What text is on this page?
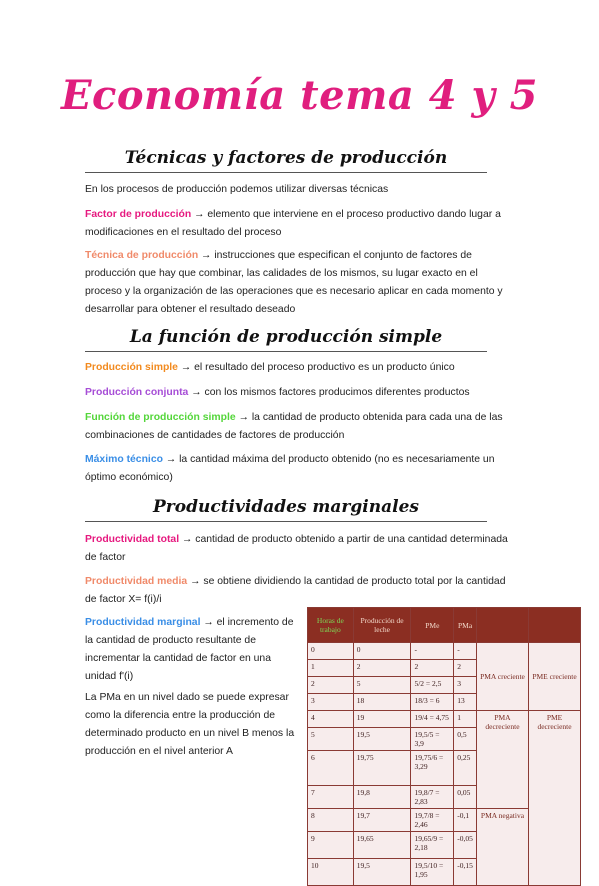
Economía tema 4 y 5
Técnicas y factores de producción
En los procesos de producción podemos utilizar diversas técnicas
Factor de producción → elemento que interviene en el proceso productivo dando lugar a modificaciones en el resultado del proceso
Técnica de producción → instrucciones que especifican el conjunto de factores de producción que hay que combinar, las calidades de los mismos, su lugar exacto en el proceso y la organización de las operaciones que es necesario aplicar en cada momento y desarrollar para obtener el resultado deseado
La función de producción simple
Producción simple → el resultado del proceso productivo es un producto único
Producción conjunta → con los mismos factores producimos diferentes productos
Función de producción simple → la cantidad de producto obtenida para cada una de las combinaciones de cantidades de factores de producción
Máximo técnico → la cantidad máxima del producto obtenido (no es necesariamente un óptimo económico)
Productividades marginales
Productividad total → cantidad de producto obtenido a partir de una cantidad determinada de factor
Productividad media → se obtiene dividiendo la cantidad de producto total por la cantidad de factor X= f(i)/i
Productividad marginal → el incremento de la cantidad de producto resultante de incrementar la cantidad de factor en una unidad f'(i)
La PMa en un nivel dado se puede expresar como la diferencia entre la producción de determinado producto en un nivel B menos la producción en el nivel anterior A
Horas de trabajo	Producción de leche	PMe	PMa		
0	0	-	-	PMA creciente	PME creciente
1	2	2	2		
2	5	5/2 = 2,5	3		
3	18	18/3 = 6	13		
4	19	19/4 = 4,75	1	PMA decreciente	PME decreciente
5	19,5	19,5/5 = 3,9	0,5		
6	19,75	19,75/6 = 3,29	0,25		
7	19,8	19,8/7 = 2,83	0,05		
8	19,7	19,7/8 = 2,46	-0,1	PMA negativa	
9	19,65	19,65/9 = 2,18	-0,05		
10	19,5	19,5/10 = 1,95	-0,15		
